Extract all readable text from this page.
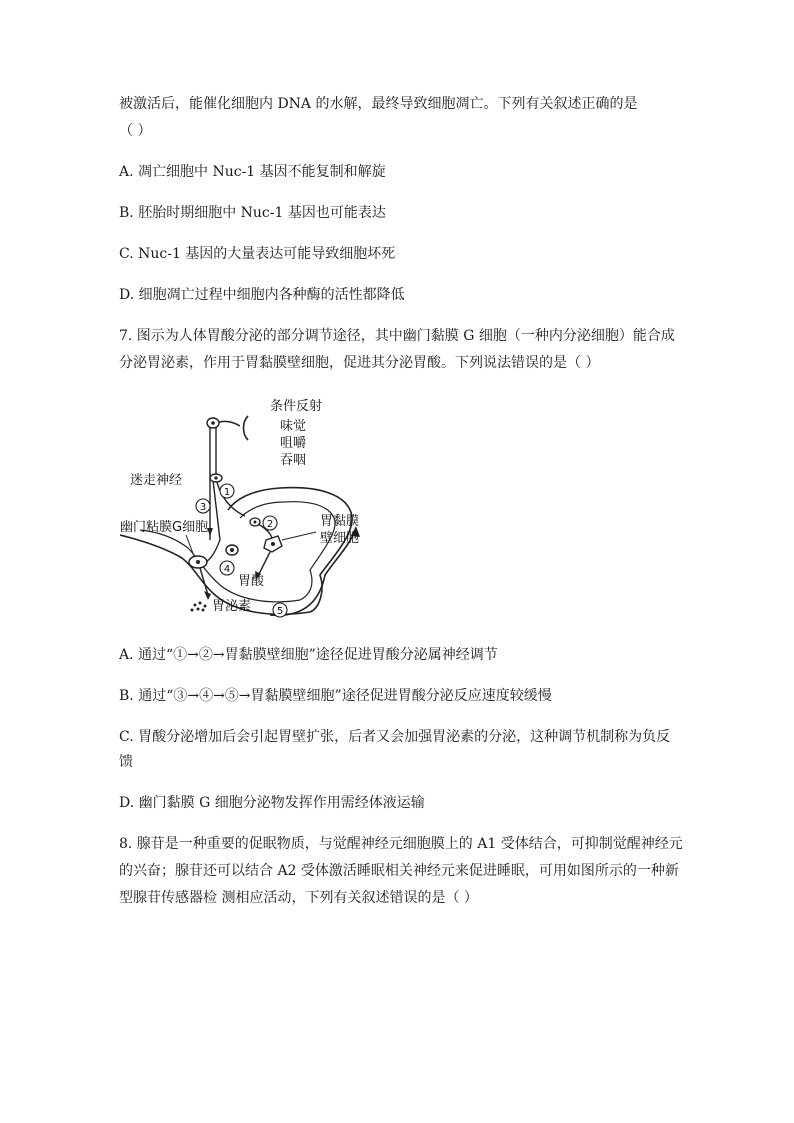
被激活后，能催化细胞内 DNA 的水解，最终导致细胞凋亡。下列有关叙述正确的是
（ ）
A. 凋亡细胞中 Nuc-1 基因不能复制和解旋
B. 胚胎时期细胞中 Nuc-1 基因也可能表达
C. Nuc-1 基因的大量表达可能导致细胞坏死
D. 细胞凋亡过程中细胞内各种酶的活性都降低
7. 图示为人体胃酸分泌的部分调节途径，其中幽门黏膜 G 细胞（一种内分泌细胞）能合成
分泌胃泌素，作用于胃黏膜壁细胞，促进其分泌胃酸。下列说法错误的是（ ）
1
2
3
4
5
条件反射
味觉
咀嚼
吞咽
迷走神经
幽门粘膜G细胞	胃黏膜
壁细胞
胃酸
胃泌素
A. 通过“①→②→胃黏膜壁细胞”途径促进胃酸分泌属神经调节
B. 通过“③→④→⑤→胃黏膜壁细胞”途径促进胃酸分泌反应速度较缓慢
C. 胃酸分泌增加后会引起胃壁扩张，后者又会加强胃泌素的分泌，这种调节机制称为负反
馈
D. 幽门黏膜 G 细胞分泌物发挥作用需经体液运输
8. 腺苷是一种重要的促眠物质，与觉醒神经元细胞膜上的 A1 受体结合，可抑制觉醒神经元
的兴奋；腺苷还可以结合 A2 受体激活睡眠相关神经元来促进睡眠，可用如图所示的一种新
型腺苷传感器检 测相应活动，下列有关叙述错误的是（ ）
